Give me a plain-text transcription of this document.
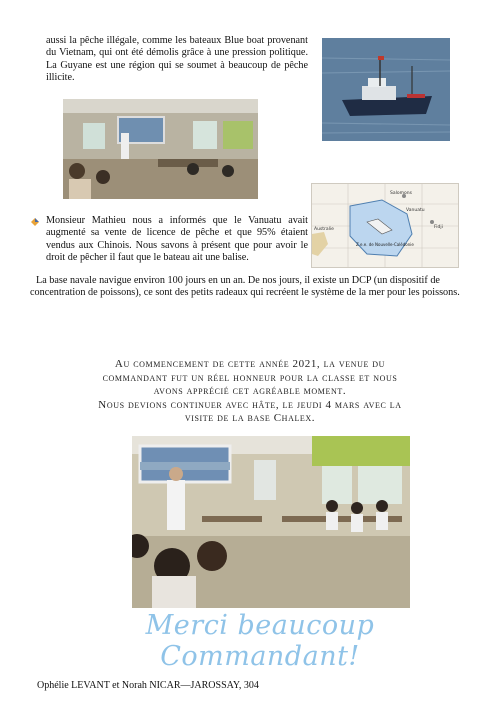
aussi la pêche illégale, comme les bateaux Blue boat provenant du Vietnam, qui ont été démolis grâce à une pression politique. La Guyane est une région qui se soumet à beaucoup de pêche illicite.

Salomons
Vanuatu
Fidji
Australie
Z.e.e. de Nouvelle-Calédonie

Monsieur Mathieu nous a informés que le Vanuatu avait augmenté sa vente de licence de pêche et que 95% étaient vendus aux Chinois. Nous savons à présent que pour avoir le droit de pêcher il faut que le bateau ait une balise.

La base navale navigue environ 100 jours en un an. De nos jours, il existe un DCP (un dispositif de concentration de poissons), ce sont des petits radeaux qui recréent le système de la mer pour les poissons.

Au commencement de cette année 2021, la venue du
commandant fut un réel honneur pour la classe et nous
avons apprécié cet agréable moment.
Nous devions continuer avec hâte, le jeudi 4 mars avec la
visite de la base Chalex.
Merci beaucoup Commandant!
Ophélie LEVANT et Norah NICAR—JAROSSAY, 304
